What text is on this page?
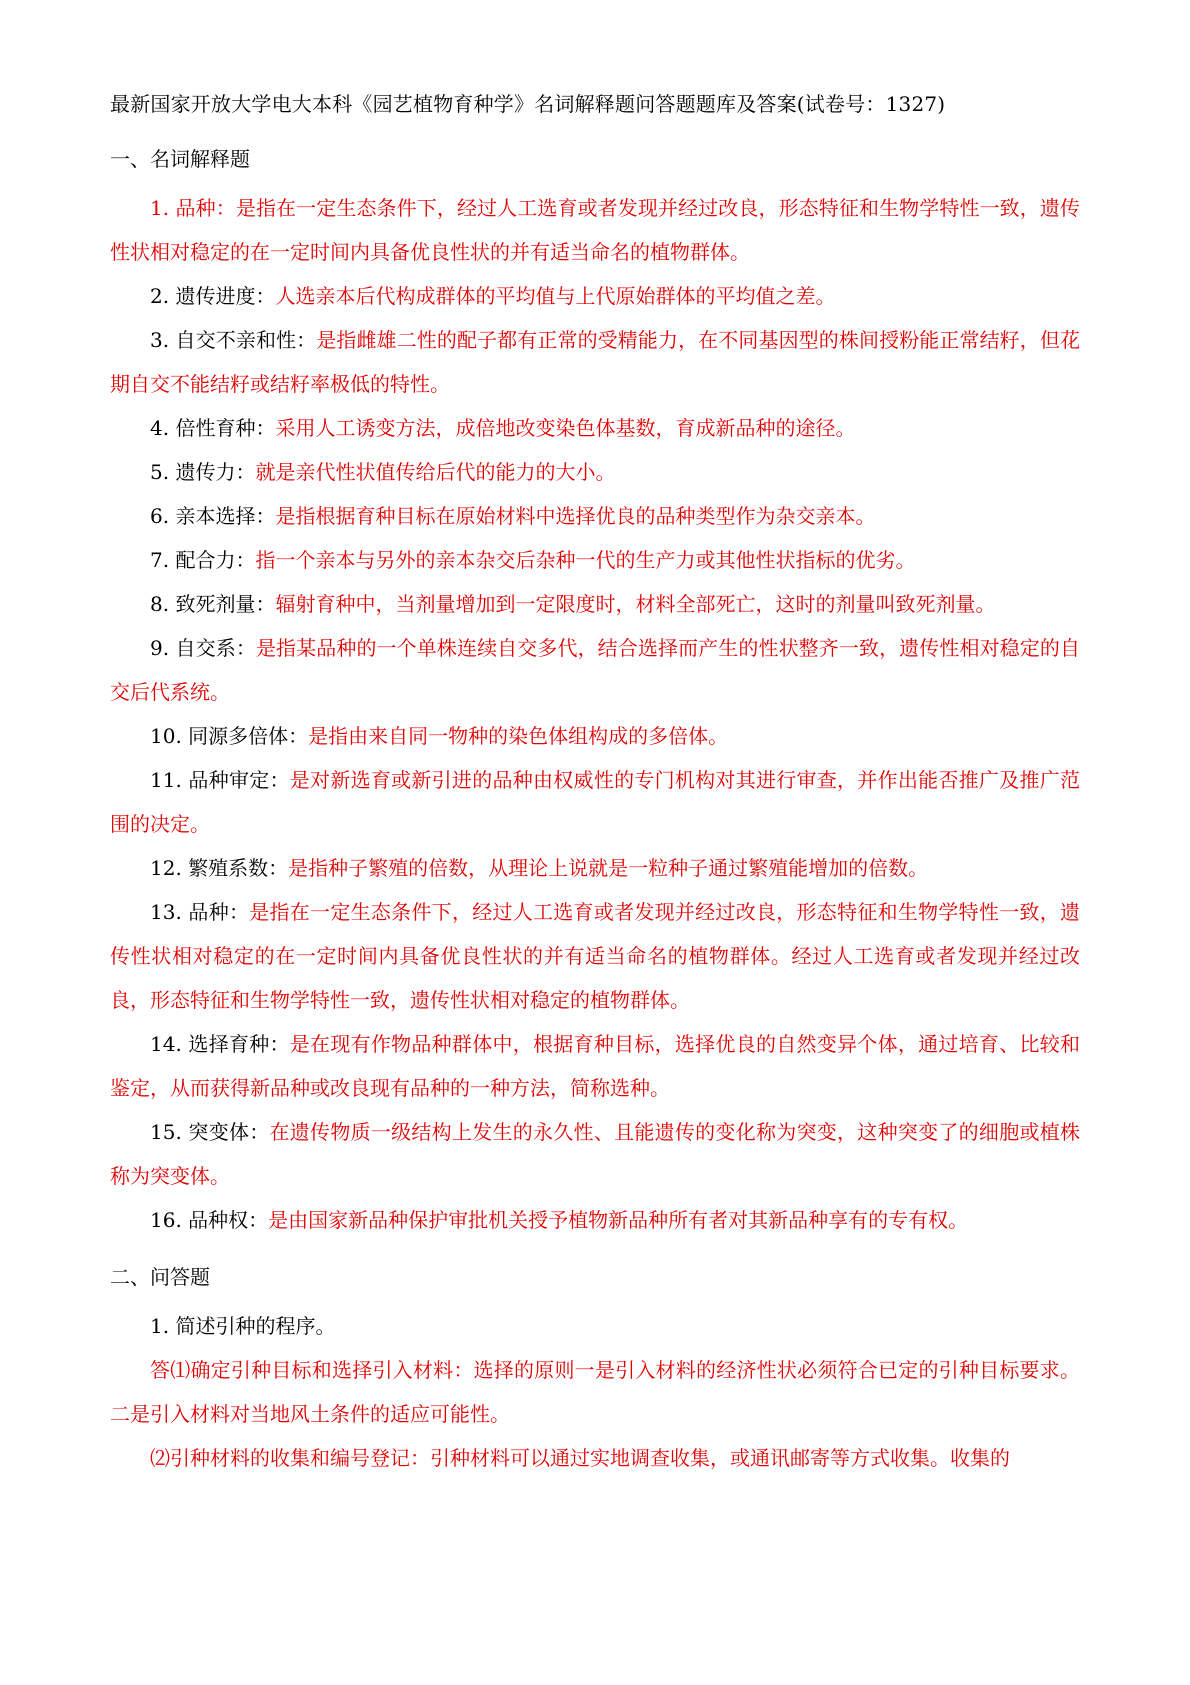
最新国家开放大学电大本科《园艺植物育种学》名词解释题问答题题库及答案(试卷号：1327)
一、名词解释题

1. 品种：是指在一定生态条件下，经过人工选育或者发现并经过改良，形态特征和生物学特性一致，遗传性状相对稳定的在一定时间内具备优良性状的并有适当命名的植物群体。

2. 遗传进度：人选亲本后代构成群体的平均值与上代原始群体的平均值之差。

3. 自交不亲和性：是指雌雄二性的配子都有正常的受精能力，在不同基因型的株间授粉能正常结籽，但花期自交不能结籽或结籽率极低的特性。

4. 倍性育种：采用人工诱变方法，成倍地改变染色体基数，育成新品种的途径。

5. 遗传力：就是亲代性状值传给后代的能力的大小。

6. 亲本选择：是指根据育种目标在原始材料中选择优良的品种类型作为杂交亲本。

7. 配合力：指一个亲本与另外的亲本杂交后杂种一代的生产力或其他性状指标的优劣。

8. 致死剂量：辐射育种中，当剂量增加到一定限度时，材料全部死亡，这时的剂量叫致死剂量。

9. 自交系：是指某品种的一个单株连续自交多代，结合选择而产生的性状整齐一致，遗传性相对稳定的自交后代系统。

10. 同源多倍体：是指由来自同一物种的染色体组构成的多倍体。

11. 品种审定：是对新选育或新引进的品种由权威性的专门机构对其进行审查，并作出能否推广及推广范围的决定。

12. 繁殖系数：是指种子繁殖的倍数，从理论上说就是一粒种子通过繁殖能增加的倍数。

13. 品种：是指在一定生态条件下，经过人工选育或者发现并经过改良，形态特征和生物学特性一致，遗传性状相对稳定的在一定时间内具备优良性状的并有适当命名的植物群体。经过人工选育或者发现并经过改良，形态特征和生物学特性一致，遗传性状相对稳定的植物群体。

14. 选择育种：是在现有作物品种群体中，根据育种目标，选择优良的自然变异个体，通过培育、比较和鉴定，从而获得新品种或改良现有品种的一种方法，简称选种。

15. 突变体：在遗传物质一级结构上发生的永久性、且能遗传的变化称为突变，这种突变了的细胞或植株称为突变体。

16. 品种权：是由国家新品种保护审批机关授予植物新品种所有者对其新品种享有的专有权。

二、问答题

1. 简述引种的程序。

答⑴确定引种目标和选择引入材料：选择的原则一是引入材料的经济性状必须符合已定的引种目标要求。二是引入材料对当地风土条件的适应可能性。

⑵引种材料的收集和编号登记：引种材料可以通过实地调查收集，或通讯邮寄等方式收集。收集的
